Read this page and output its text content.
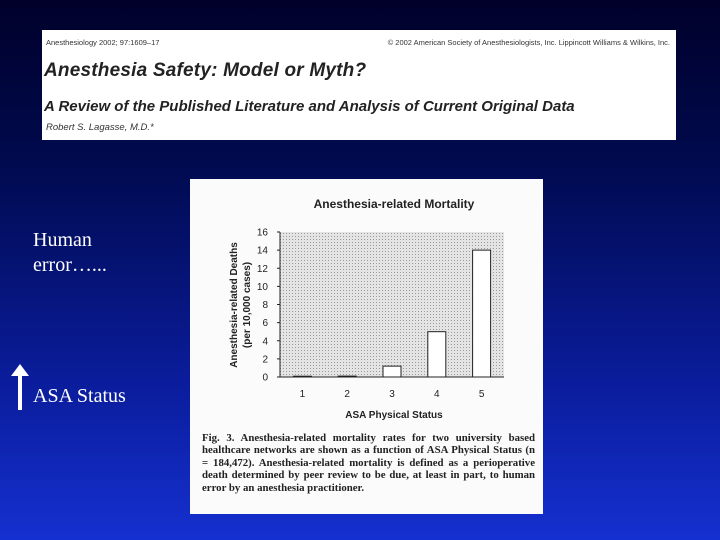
Anesthesiology 2002; 97:1609–17	© 2002 American Society of Anesthesiologists, Inc. Lippincott Williams & Wilkins, Inc.
Anesthesia Safety: Model or Myth?
A Review of the Published Literature and Analysis of Current Original Data
Robert S. Lagasse, M.D.*
Human error…...
ASA Status
Anesthesia-related Mortality
0
2
4
6
8
10
12
14
16
1	2	3	4	5
ASA Physical Status
Anesthesia-related Deaths (per 10,000 cases)

Fig. 3. Anesthesia-related mortality rates for two university based healthcare networks are shown as a function of ASA Physical Status (n = 184,472). Anesthesia-related mortality is defined as a perioperative death determined by peer review to be due, at least in part, to human error by an anesthesia practitioner.
